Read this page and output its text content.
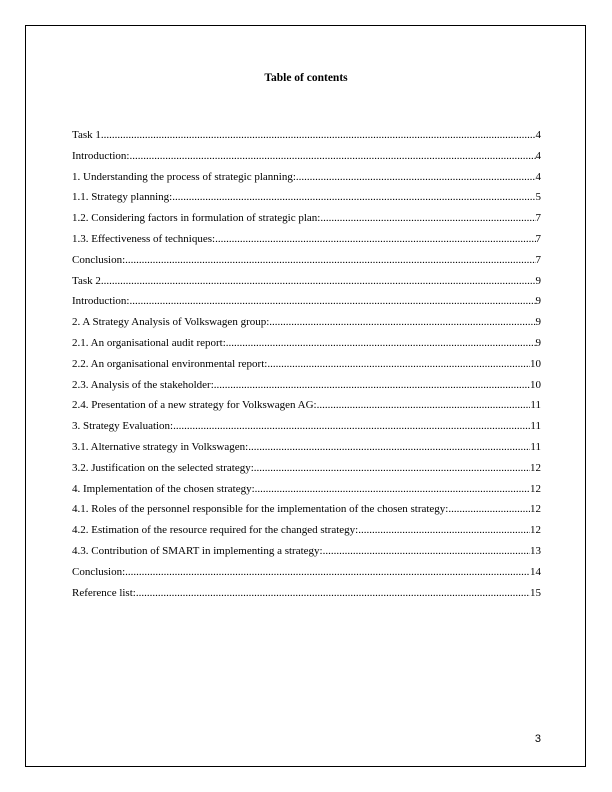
Table of contents
Task 1 .....	4
Introduction: .....	4
1. Understanding the process of strategic planning: .....	4
1.1. Strategy planning: .....	5
1.2. Considering factors in formulation of strategic plan: .....	7
1.3. Effectiveness of techniques: .....	7
Conclusion: .....	7
Task 2 .....	9
Introduction: .....	9
2. A Strategy Analysis of Volkswagen group: .....	9
2.1. An organisational audit report: .....	9
2.2. An organisational environmental report: .....	10
2.3. Analysis of the stakeholder: .....	10
2.4. Presentation of a new strategy for Volkswagen AG: .....	11
3. Strategy Evaluation: .....	11
3.1. Alternative strategy in Volkswagen: .....	11
3.2. Justification on the selected strategy: .....	12
4. Implementation of the chosen strategy: .....	12
4.1. Roles of the personnel responsible for the implementation of the chosen strategy: .....	12
4.2. Estimation of the resource required for the changed strategy: .....	12
4.3. Contribution of SMART in implementing a strategy: .....	13
Conclusion: .....	14
Reference list: .....	15
3
